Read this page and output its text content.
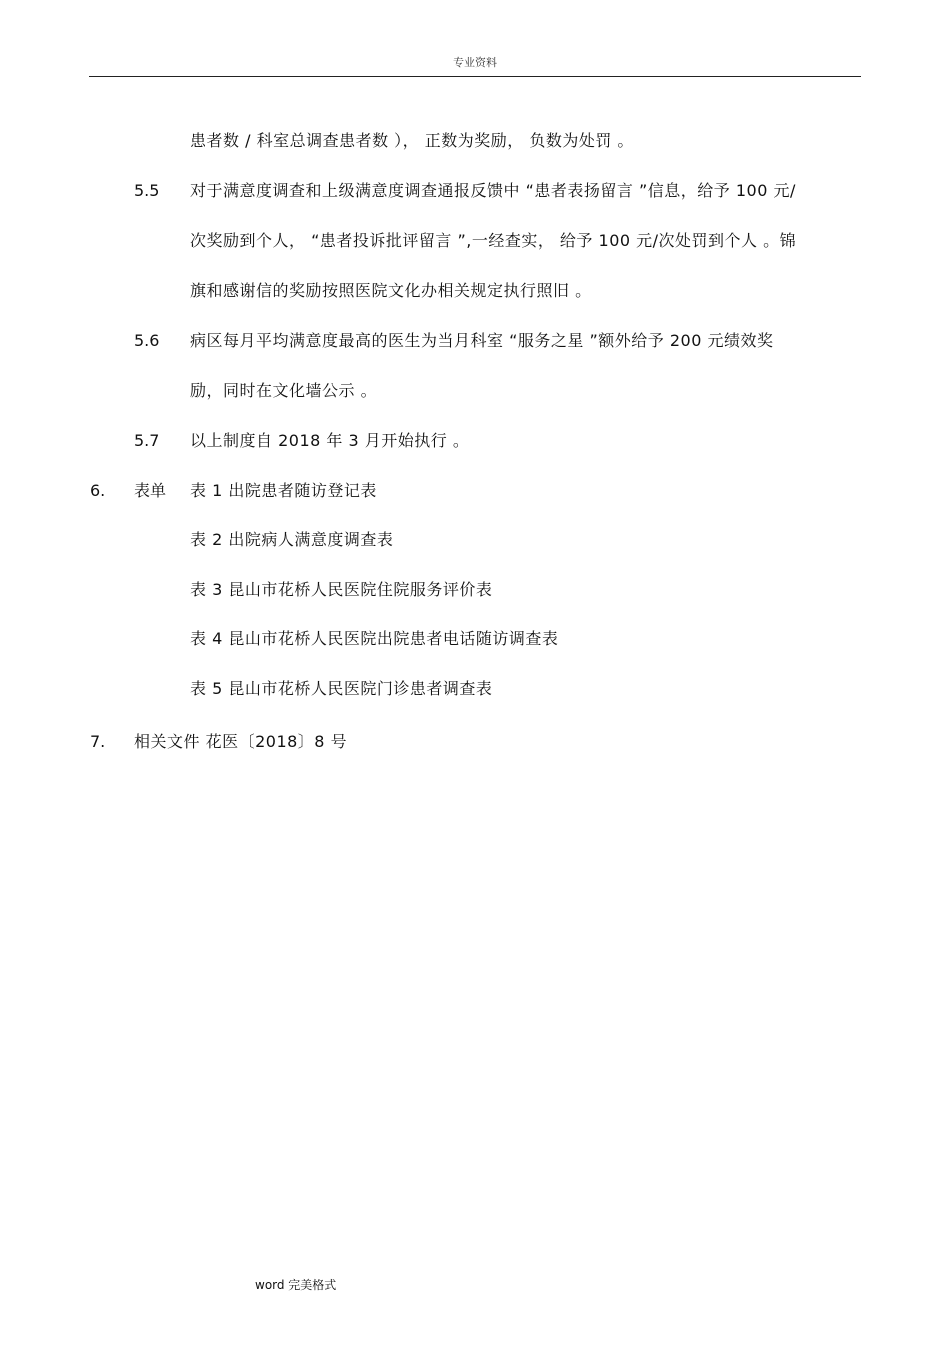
专业资料
患者数 / 科室总调查患者数 ）， 正数为奖励， 负数为处罚 。
5.5 对于满意度调查和上级满意度调查通报反馈中 “患者表扬留言 ”信息，给予 100 元/
次奖励到个人， “患者投诉批评留言 ”,一经查实， 给予 100 元/次处罚到个人 。锦
旗和感谢信的奖励按照医院文化办相关规定执行照旧 。
5.6 病区每月平均满意度最高的医生为当月科室 “服务之星 ”额外给予 200 元绩效奖
励，同时在文化墙公示 。
5.7 以上制度自 2018 年 3 月开始执行 。
6. 表单 表 1 出院患者随访登记表
表 2 出院病人满意度调查表
表 3 昆山市花桥人民医院住院服务评价表
表 4 昆山市花桥人民医院出院患者电话随访调查表
表 5 昆山市花桥人民医院门诊患者调查表
7. 相关文件 花医〔2018〕8 号
word 完美格式
